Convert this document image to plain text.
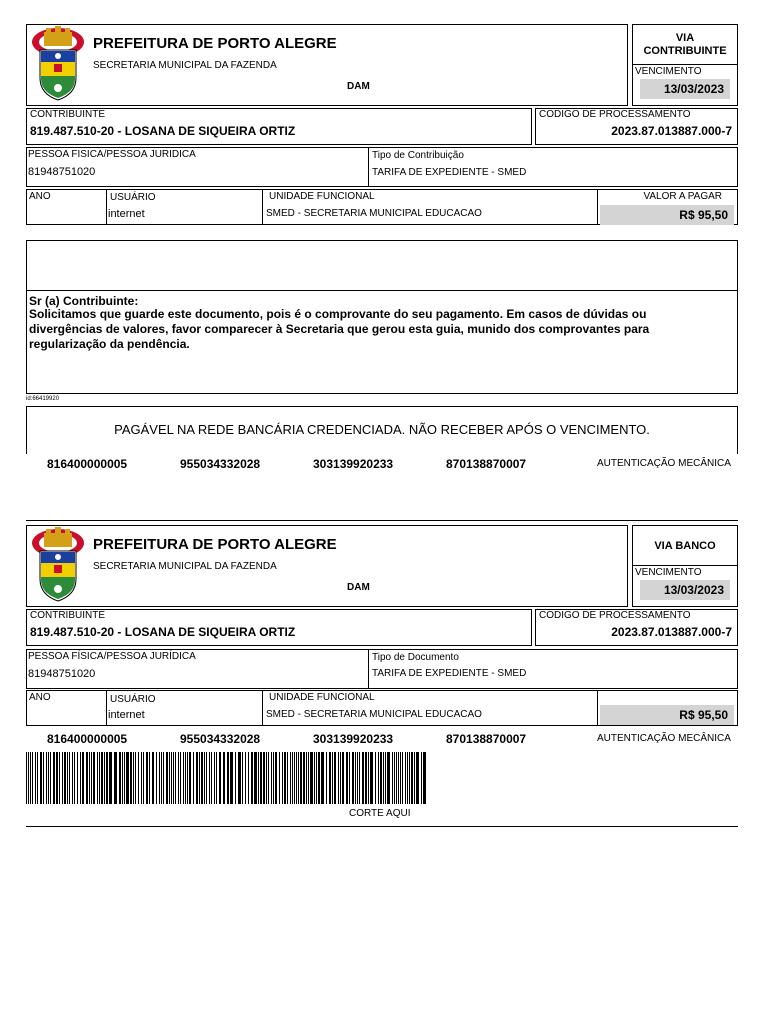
PREFEITURA DE PORTO ALEGRE
SECRETARIA MUNICIPAL DA FAZENDA
DAM
VIA
CONTRIBUINTE
VENCIMENTO
13/03/2023
CONTRIBUINTE
819.487.510-20 - LOSANA DE SIQUEIRA ORTIZ
CODIGO DE PROCESSAMENTO
2023.87.013887.000-7
PESSOA FISICA/PESSOA JURIDICA
81948751020
Tipo de Contribuição
TARIFA DE EXPEDIENTE - SMED
ANO	USUÁRIO
internet
UNIDADE FUNCIONAL
SMED - SECRETARIA MUNICIPAL EDUCACAO
VALOR A PAGAR
R$ 95,50
Sr (a) Contribuinte:
Solicitamos que guarde este documento, pois é o comprovante do seu pagamento. Em casos de dúvidas ou divergências de valores, favor comparecer à Secretaria que gerou esta guia, munido dos comprovantes para regularização da pendência.
id:66419920
PAGÁVEL NA REDE BANCÁRIA CREDENCIADA. NÃO RECEBER APÓS O VENCIMENTO.
816400000005	955034332028	303139920233	870138870007	AUTENTICAÇÃO MECÂNICA
PREFEITURA DE PORTO ALEGRE
SECRETARIA MUNICIPAL DA FAZENDA
DAM
VIA BANCO
VENCIMENTO
13/03/2023
CONTRIBUINTE
819.487.510-20 - LOSANA DE SIQUEIRA ORTIZ
CÓDIGO DE PROCESSAMENTO
2023.87.013887.000-7
PESSOA FÍSICA/PESSOA JURÍDICA
81948751020
Tipo de Documento
TARIFA DE EXPEDIENTE - SMED
ANO	USUÁRIO
internet
UNIDADE FUNCIONAL
SMED - SECRETARIA MUNICIPAL EDUCACAO	R$ 95,50
816400000005	955034332028	303139920233	870138870007	AUTENTICAÇÃO MECÂNICA
CORTE AQUI
